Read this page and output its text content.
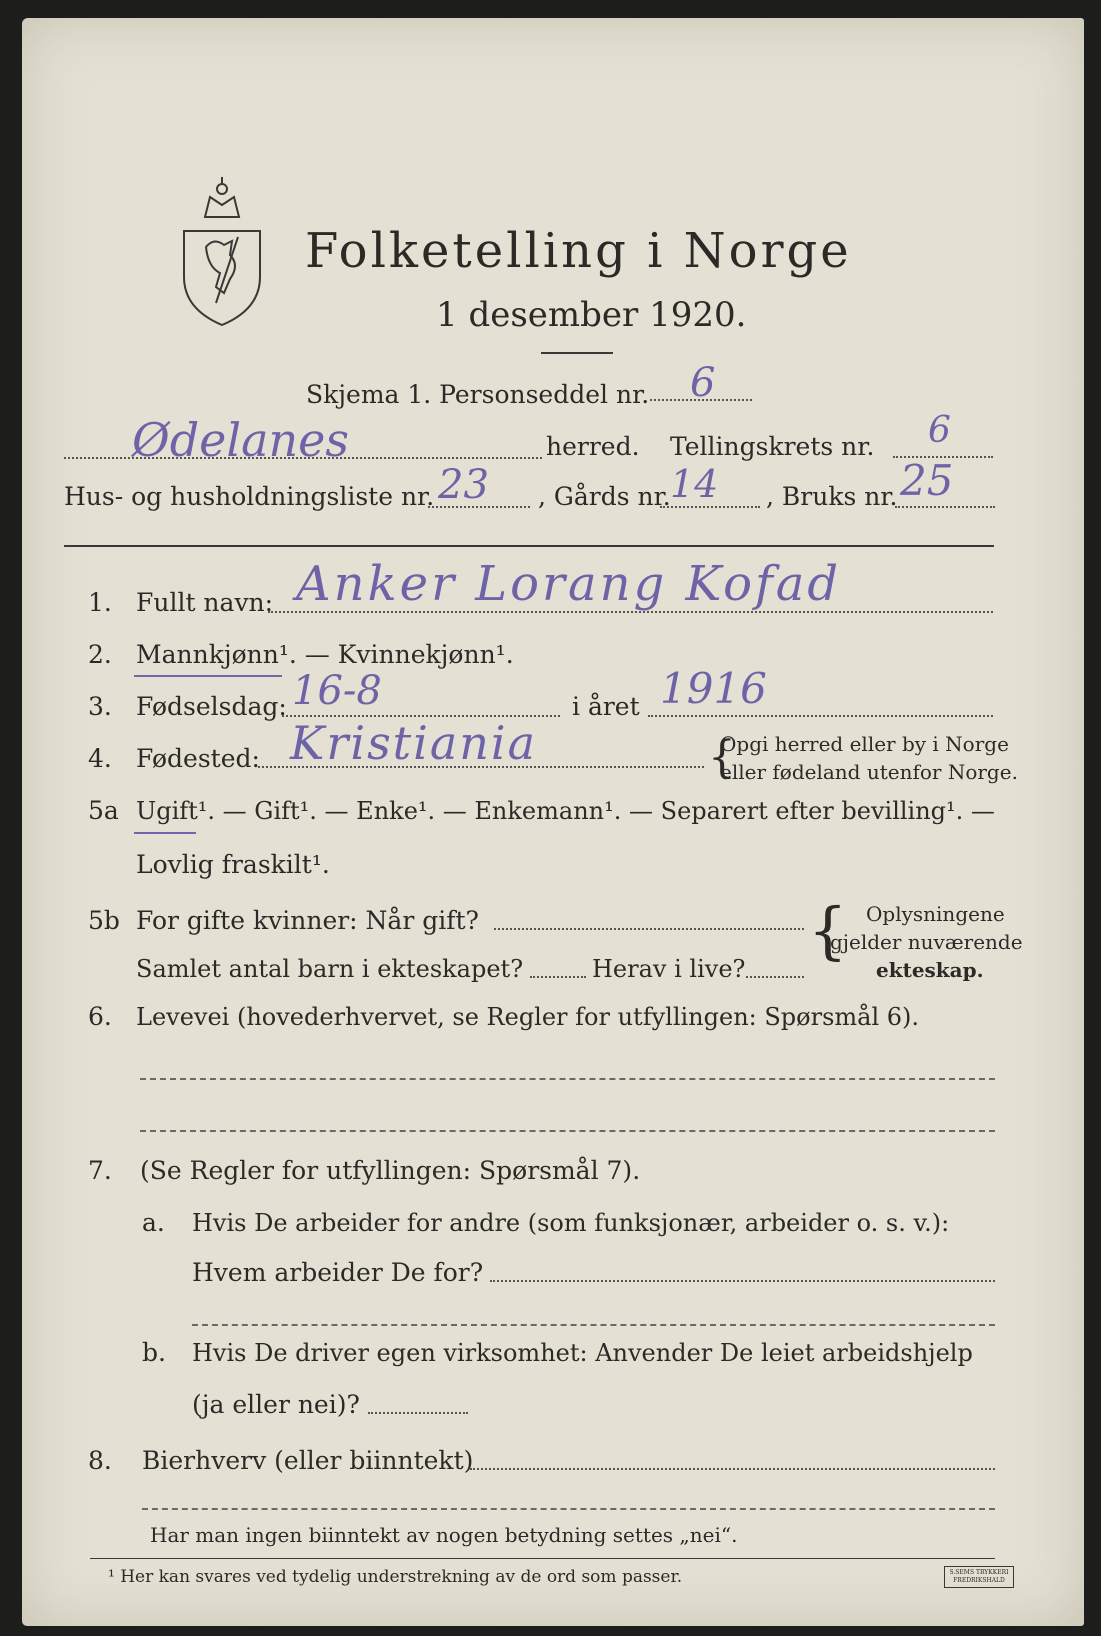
Folketelling i Norge
1 desember 1920.
Skjema 1. Personseddel nr. 6
Ødelanes	herred. Tellingskrets nr. 6
Hus- og husholdningsliste nr. 23 , Gårds nr. 14 , Bruks nr. 25
1. Fullt navn: Anker Lorang Kofad
2. Mannkjønn¹. — Kvinnekjønn¹.
3. Fødselsdag: 16-8	i året 1916
4. Fødested: Kristiania	Opgi herred eller by i Norge
eller fødeland utenfor Norge.
{
5a Ugift¹. — Gift¹. — Enke¹. — Enkemann¹. — Separert efter bevilling¹. —
Lovlig fraskilt¹.
5b For gifte kvinner: Når gift?
Samlet antal barn i ekteskapet?	Herav i live?
{ Oplysningene
gjelder nuværende
ekteskap.
6. Levevei (hovederhvervet, se Regler for utfyllingen: Spørsmål 6).
7. (Se Regler for utfyllingen: Spørsmål 7).
a. Hvis De arbeider for andre (som funksjonær, arbeider o. s. v.):
Hvem arbeider De for?
b. Hvis De driver egen virksomhet: Anvender De leiet arbeidshjelp
(ja eller nei)?
8. Bierhverv (eller biinntekt)
Har man ingen biinntekt av nogen betydning settes „nei“.
¹ Her kan svares ved tydelig understrekning av de ord som passer.	S.SEMS TRYKKERI FREDRIKSHALD
